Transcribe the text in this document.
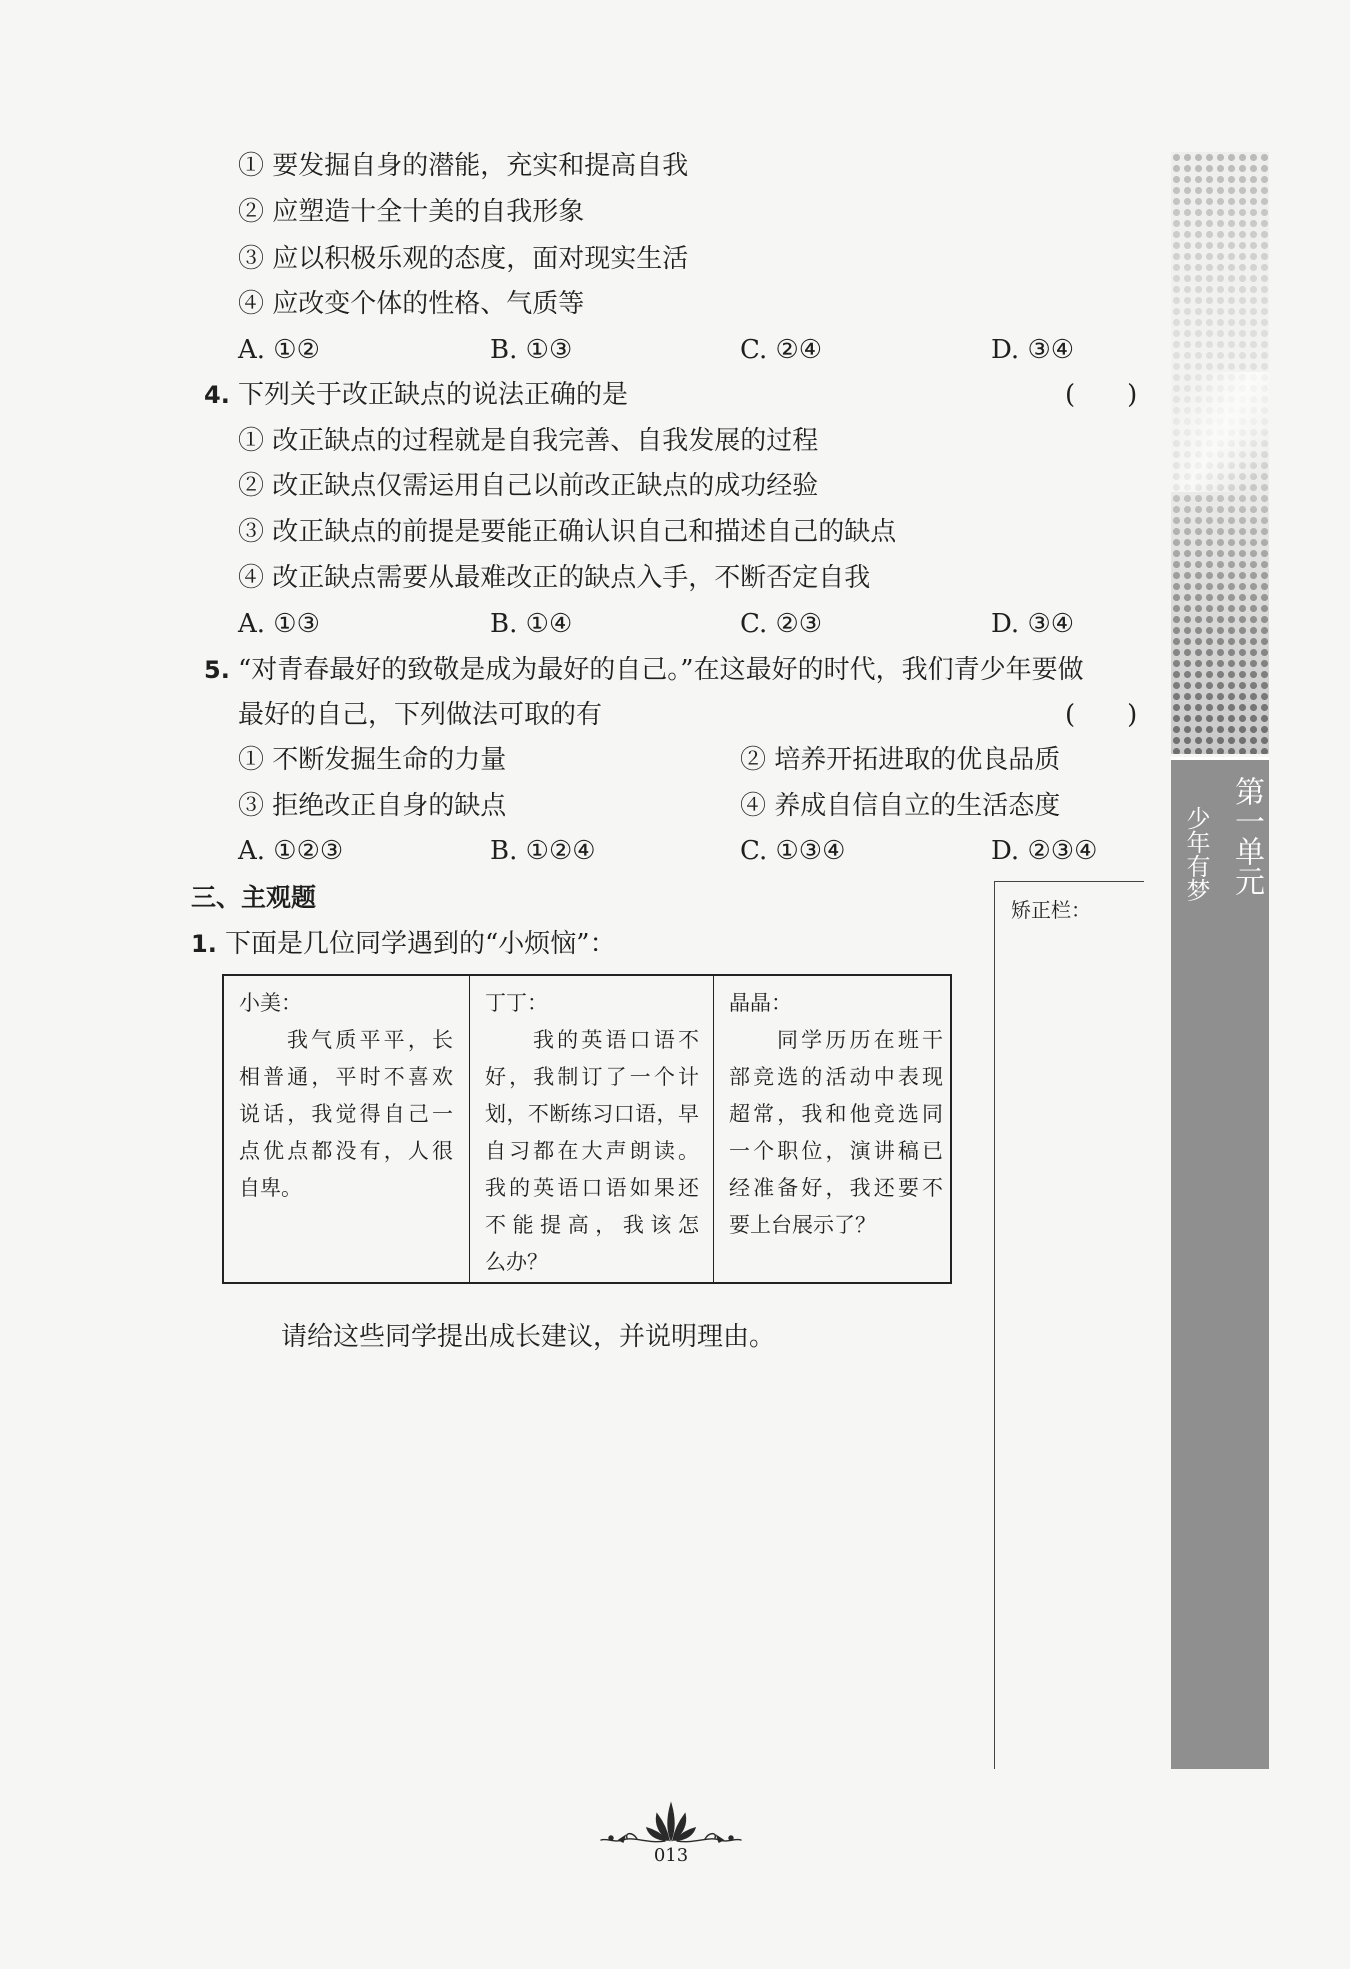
① 要发掘自身的潜能，充实和提高自我
② 应塑造十全十美的自我形象
③ 应以积极乐观的态度，面对现实生活
④ 应改变个体的性格、气质等
A. ①②	B. ①③	C. ②④	D. ③④
4. 下列关于改正缺点的说法正确的是	(　　)
① 改正缺点的过程就是自我完善、自我发展的过程
② 改正缺点仅需运用自己以前改正缺点的成功经验
③ 改正缺点的前提是要能正确认识自己和描述自己的缺点
④ 改正缺点需要从最难改正的缺点入手，不断否定自我
A. ①③	B. ①④	C. ②③	D. ③④
5. “对青春最好的致敬是成为最好的自己。”在这最好的时代，我们青少年要做
最好的自己，下列做法可取的有	(　　)
① 不断发掘生命的力量	② 培养开拓进取的优良品质
③ 拒绝改正自身的缺点	④ 养成自信自立的生活态度
A. ①②③	B. ①②④	C. ①③④	D. ②③④
三、主观题
1. 下面是几位同学遇到的“小烦恼”：
小美：
我气质平平，长
相普通，平时不喜欢
说话，我觉得自己一
点优点都没有，人很
自卑。
丁丁：
我的英语口语不
好，我制订了一个计
划，不断练习口语，早
自习都在大声朗读。
我的英语口语如果还
不能提高，我该怎
么办？
晶晶：
同学历历在班干
部竞选的活动中表现
超常，我和他竞选同
一个职位，演讲稿已
经准备好，我还要不
要上台展示了？
请给这些同学提出成长建议，并说明理由。
矫正栏：
第一单元
少年有梦
013
